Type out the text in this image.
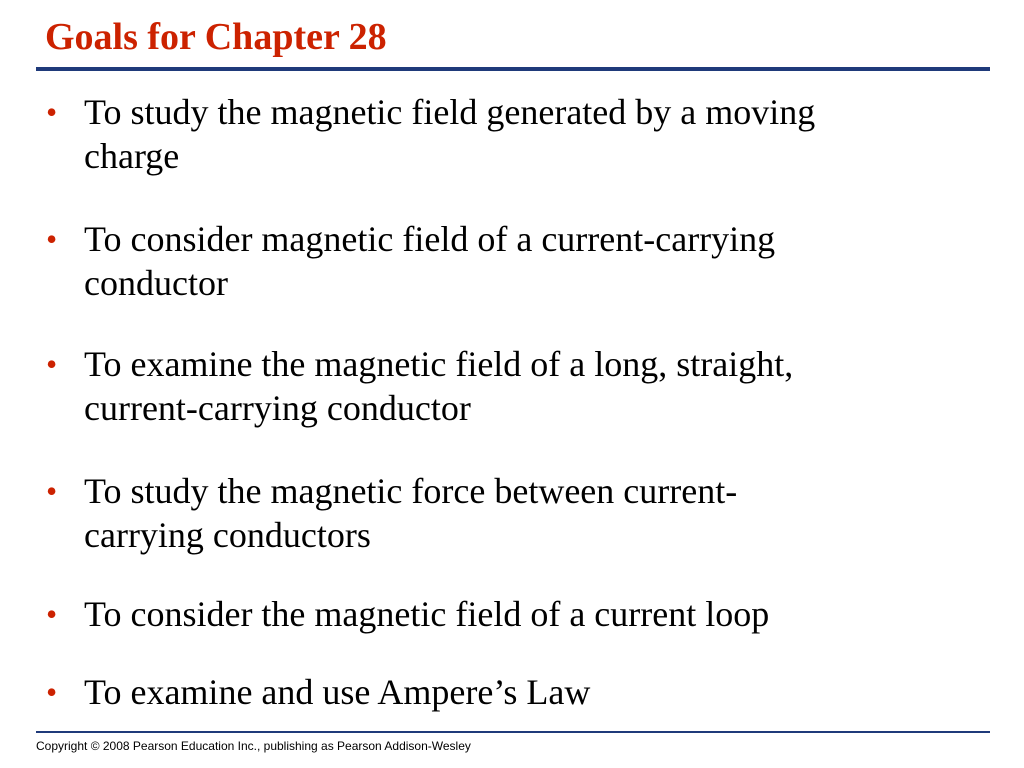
Goals for Chapter 28
• To study the magnetic field generated by a moving
charge
• To consider magnetic field of a current-carrying
conductor
• To examine the magnetic field of a long, straight,
current-carrying conductor
• To study the magnetic force between current-
carrying conductors
• To consider the magnetic field of a current loop
• To examine and use Ampere’s Law
Copyright © 2008 Pearson Education Inc., publishing as Pearson Addison-Wesley
